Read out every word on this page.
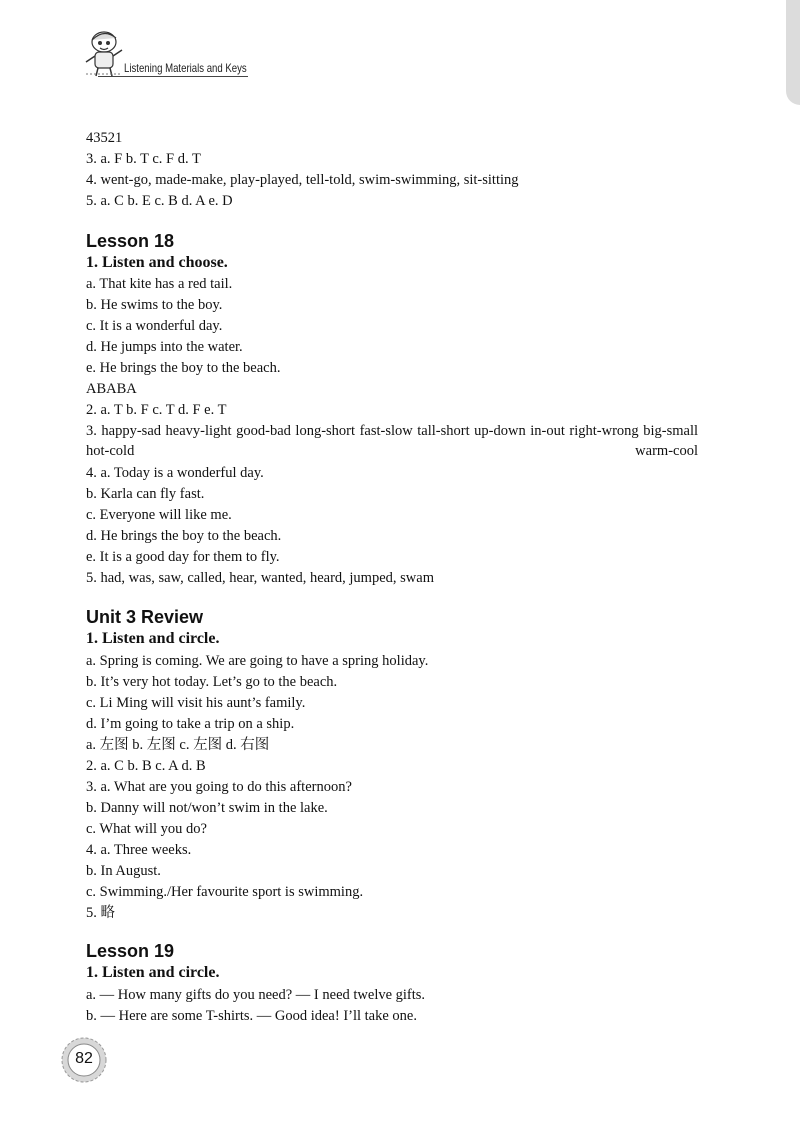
Listening Materials and Keys
43521
3. a. F b. T c. F d. T
4. went-go, made-make, play-played, tell-told, swim-swimming, sit-sitting
5. a. C b. E c. B d. A e. D
Lesson 18
1. Listen and choose.
a. That kite has a red tail.
b. He swims to the boy.
c. It is a wonderful day.
d. He jumps into the water.
e. He brings the boy to the beach.
ABABA
2. a. T b. F c. T d. F e. T
3. happy-sad heavy-light good-bad long-short fast-slow tall-short up-down in-out right-wrong big-small hot-cold warm-cool
4. a. Today is a wonderful day.
b. Karla can fly fast.
c. Everyone will like me.
d. He brings the boy to the beach.
e. It is a good day for them to fly.
5. had, was, saw, called, hear, wanted, heard, jumped, swam
Unit 3 Review
1. Listen and circle.
a. Spring is coming. We are going to have a spring holiday.
b. It’s very hot today. Let’s go to the beach.
c. Li Ming will visit his aunt’s family.
d. I’m going to take a trip on a ship.
a. 左图 b. 左图 c. 左图 d. 右图
2. a. C b. B c. A d. B
3. a. What are you going to do this afternoon?
b. Danny will not/won’t swim in the lake.
c. What will you do?
4. a. Three weeks.
b. In August.
c. Swimming./Her favourite sport is swimming.
5. 略
Lesson 19
1. Listen and circle.
a. — How many gifts do you need? — I need twelve gifts.
b. — Here are some T-shirts. — Good idea! I’ll take one.
82
